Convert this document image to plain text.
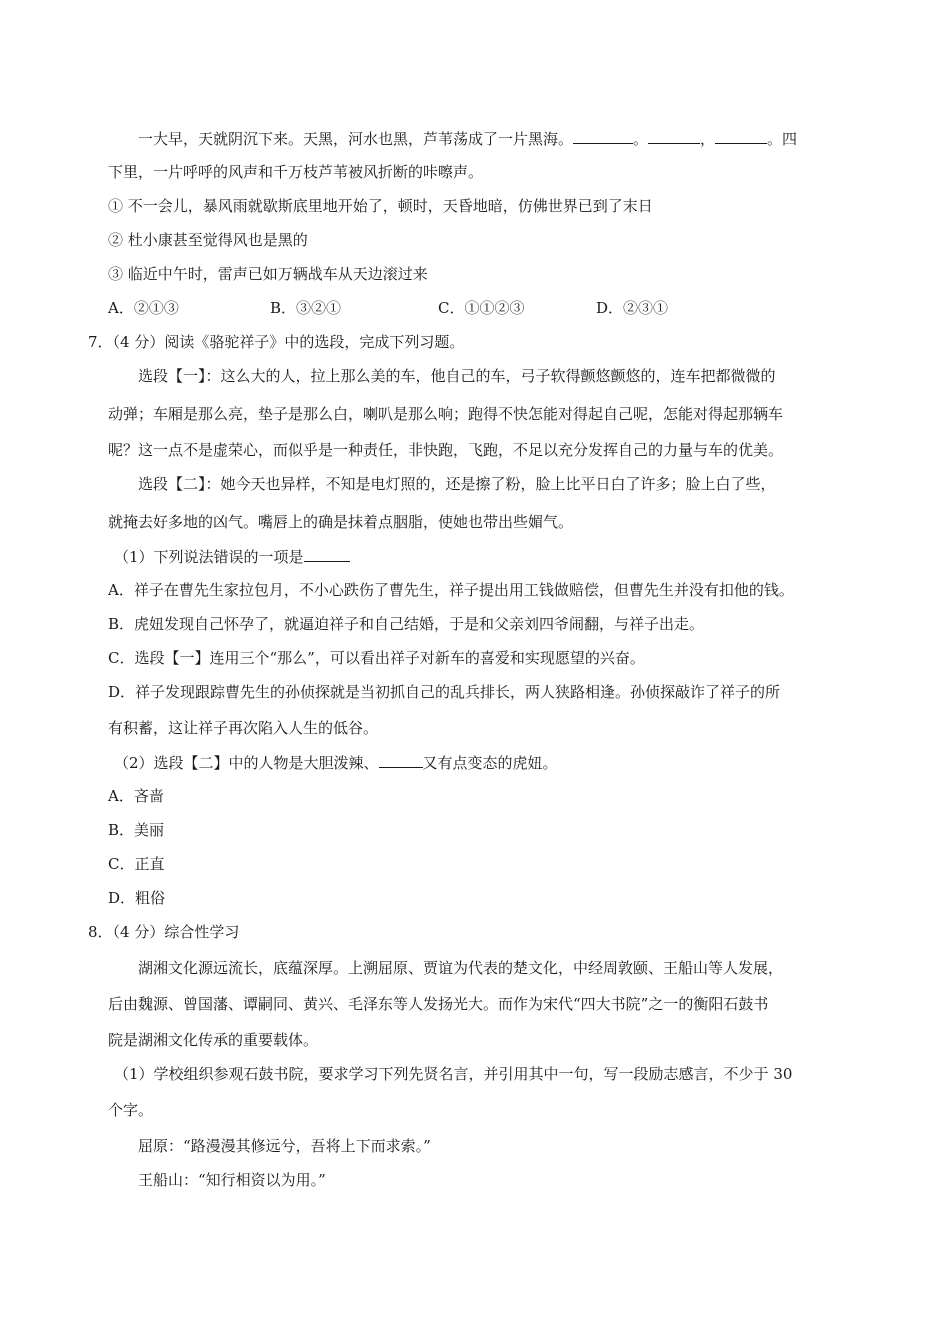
一大早，天就阴沉下来。天黑，河水也黑，芦苇荡成了一片黑海。	。	，	。四
下里，一片呼呼的风声和千万枝芦苇被风折断的咔嚓声。
① 不一会儿，暴风雨就歇斯底里地开始了，顿时，天昏地暗，仿佛世界已到了末日
② 杜小康甚至觉得风也是黑的
③ 临近中午时，雷声已如万辆战车从天边滚过来
A．②①③	B．③②①	C．①①②③	D．②③①
7．（4 分）阅读《骆驼祥子》中的选段，完成下列习题。
选段【一】：这么大的人，拉上那么美的车，他自己的车，弓子软得颤悠颤悠的，连车把都微微的
动弹；车厢是那么亮，垫子是那么白，喇叭是那么响；跑得不快怎能对得起自己呢，怎能对得起那辆车
呢？这一点不是虚荣心，而似乎是一种责任，非快跑，飞跑，不足以充分发挥自己的力量与车的优美。
选段【二】：她今天也异样，不知是电灯照的，还是擦了粉，脸上比平日白了许多；脸上白了些，
就掩去好多地的凶气。嘴唇上的确是抹着点胭脂，使她也带出些媚气。
（1）下列说法错误的一项是
A．祥子在曹先生家拉包月，不小心跌伤了曹先生，祥子提出用工钱做赔偿，但曹先生并没有扣他的钱。
B．虎妞发现自己怀孕了，就逼迫祥子和自己结婚，于是和父亲刘四爷闹翻，与祥子出走。
C．选段【一】连用三个“那么”，可以看出祥子对新车的喜爱和实现愿望的兴奋。
D．祥子发现跟踪曹先生的孙侦探就是当初抓自己的乱兵排长，两人狭路相逢。孙侦探敲诈了祥子的所
有积蓄，这让祥子再次陷入人生的低谷。
（2）选段【二】中的人物是大胆泼辣、	又有点变态的虎妞。
A．吝啬
B．美丽
C．正直
D．粗俗
8．（4 分）综合性学习
湖湘文化源远流长，底蕴深厚。上溯屈原、贾谊为代表的楚文化，中经周敦颐、王船山等人发展，
后由魏源、曾国藩、谭嗣同、黄兴、毛泽东等人发扬光大。而作为宋代“四大书院”之一的衡阳石鼓书
院是湖湘文化传承的重要载体。
（1）学校组织参观石鼓书院，要求学习下列先贤名言，并引用其中一句，写一段励志感言，不少于 30
个字。
屈原：“路漫漫其修远兮，吾将上下而求索。”
王船山：“知行相资以为用。”
